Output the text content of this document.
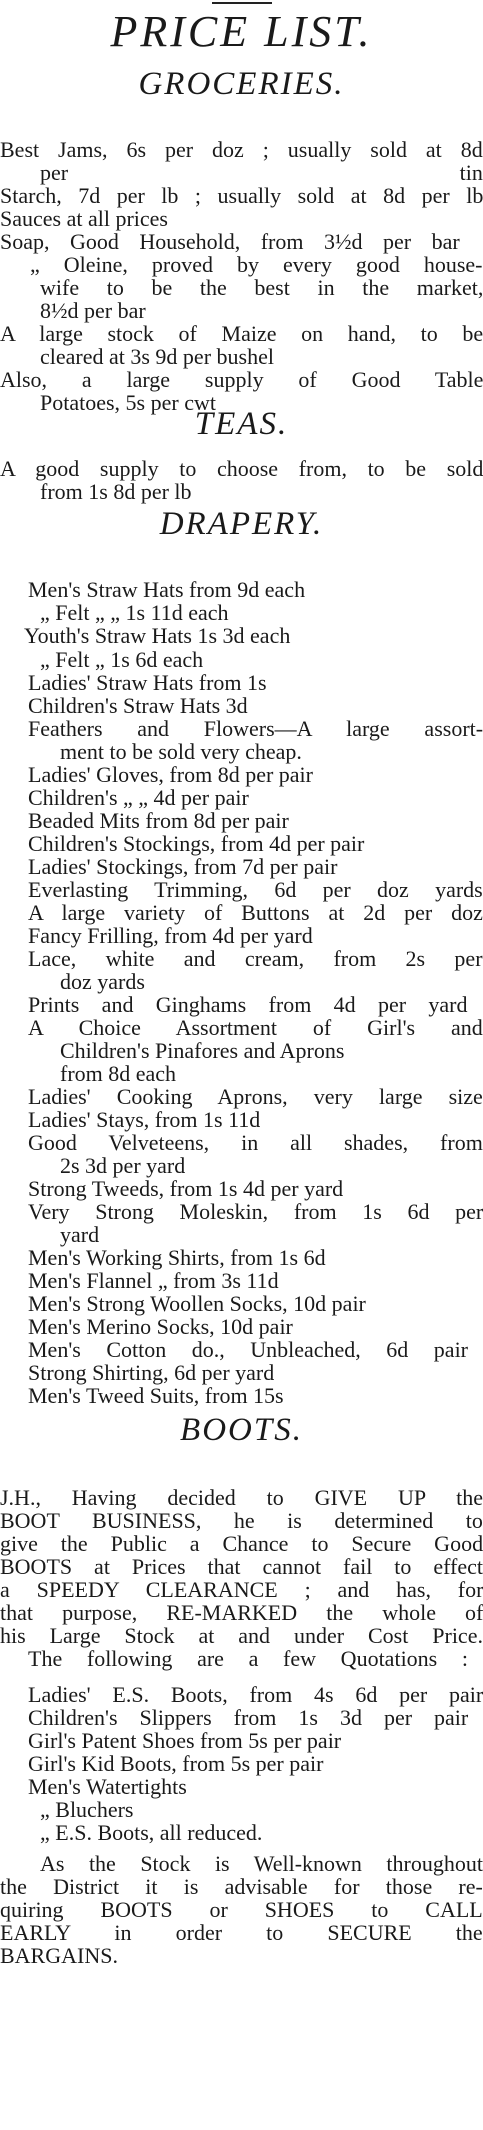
PRICE LIST.
GROCERIES.
Best Jams, 6s per doz ; usually sold at 8d
per tin
Starch, 7d per lb ; usually sold at 8d per lb
Sauces at all prices
Soap, Good Household, from 3½d per bar
„ Oleine, proved by every good house-
wife to be the best in the market,
8½d per bar
A large stock of Maize on hand, to be
cleared at 3s 9d per bushel
Also, a large supply of Good Table
Potatoes, 5s per cwt
TEAS.
A good supply to choose from, to be sold
from 1s 8d per lb
DRAPERY.
Men's Straw Hats from 9d each
„ Felt „ „ 1s 11d each
Youth's Straw Hats 1s 3d each
„ Felt „ 1s 6d each
Ladies' Straw Hats from 1s
Children's Straw Hats 3d
Feathers and Flowers—A large assort-
ment to be sold very cheap.
Ladies' Gloves, from 8d per pair
Children's „ „ 4d per pair
Beaded Mits from 8d per pair
Children's Stockings, from 4d per pair
Ladies' Stockings, from 7d per pair
Everlasting Trimming, 6d per doz yards
A large variety of Buttons at 2d per doz
Fancy Frilling, from 4d per yard
Lace, white and cream, from 2s per
doz yards
Prints and Ginghams from 4d per yard
A Choice Assortment of Girl's and
Children's Pinafores and Aprons
from 8d each
Ladies' Cooking Aprons, very large size
Ladies' Stays, from 1s 11d
Good Velveteens, in all shades, from
2s 3d per yard
Strong Tweeds, from 1s 4d per yard
Very Strong Moleskin, from 1s 6d per
yard
Men's Working Shirts, from 1s 6d
Men's Flannel „ from 3s 11d
Men's Strong Woollen Socks, 10d pair
Men's Merino Socks, 10d pair
Men's Cotton do., Unbleached, 6d pair
Strong Shirting, 6d per yard
Men's Tweed Suits, from 15s
BOOTS.
J.H., Having decided to GIVE UP the
BOOT BUSINESS, he is determined to
give the Public a Chance to Secure Good
BOOTS at Prices that cannot fail to effect
a SPEEDY CLEARANCE ; and has, for
that purpose, RE-MARKED the whole of
his Large Stock at and under Cost Price.
The following are a few Quotations :
Ladies' E.S. Boots, from 4s 6d per pair
Children's Slippers from 1s 3d per pair
Girl's Patent Shoes from 5s per pair
Girl's Kid Boots, from 5s per pair
Men's Watertights
„ Bluchers
„ E.S. Boots, all reduced.
As the Stock is Well-known throughout
the District it is advisable for those re-
quiring BOOTS or SHOES to CALL
EARLY in order to SECURE the
BARGAINS.
